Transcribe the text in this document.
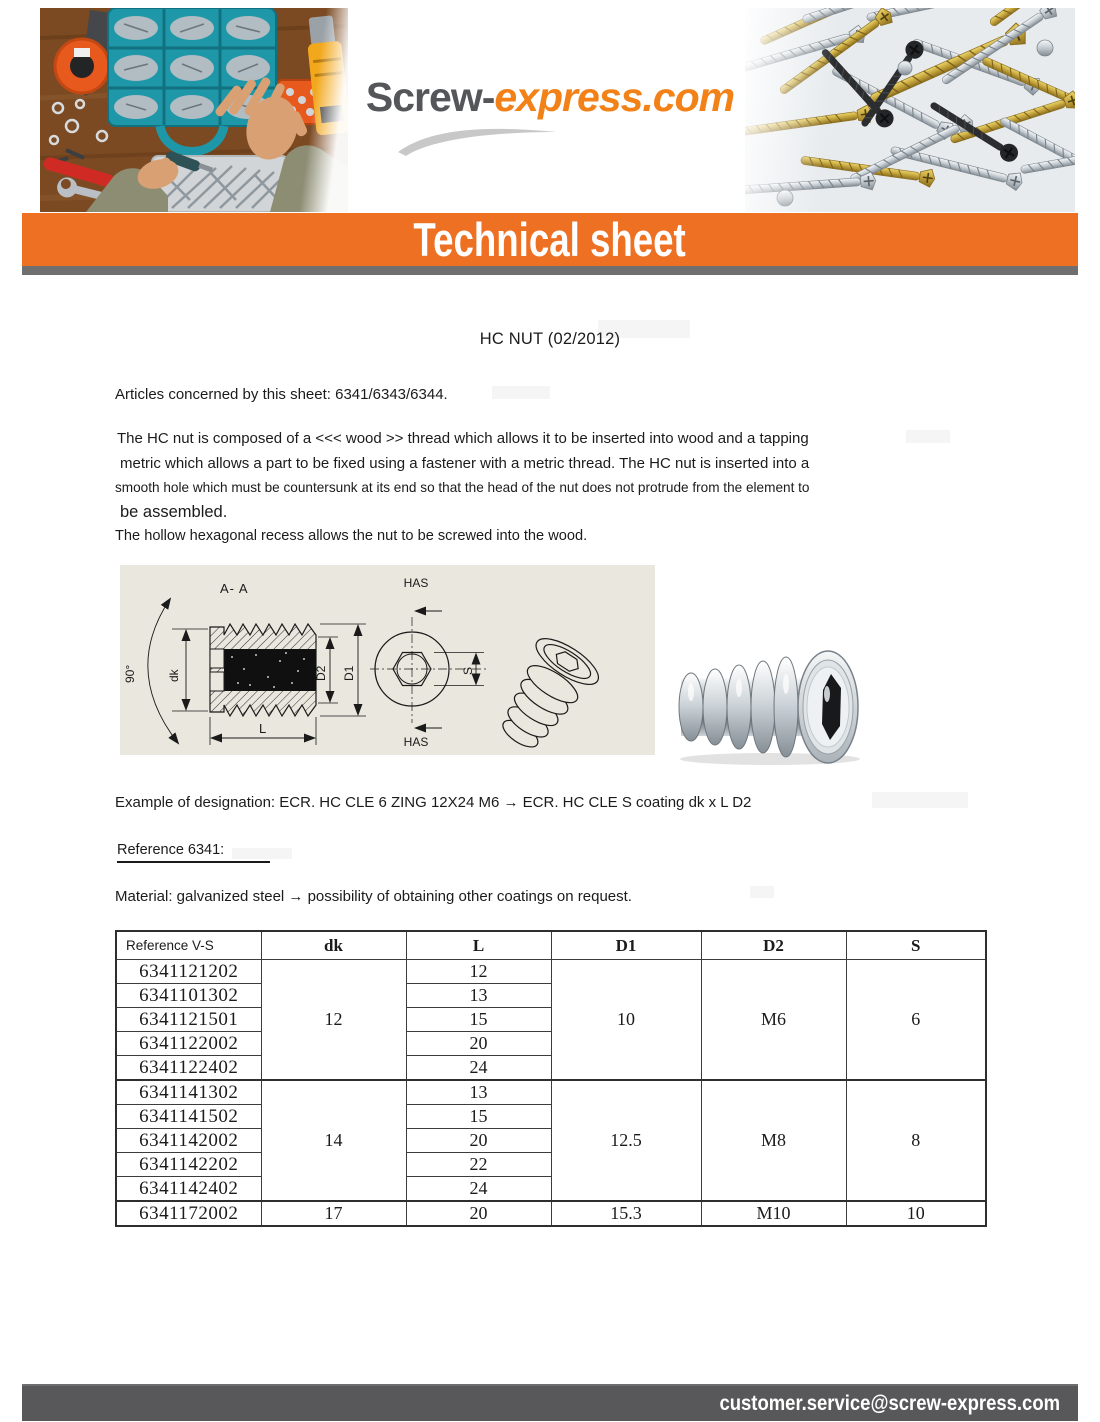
Screw-express.com
Technical sheet
HC NUT (02/2012)
Articles concerned by this sheet: 6341/6343/6344.
The HC nut is composed of a <<< wood >> thread which allows it to be inserted into wood and a tapping
metric which allows a part to be fixed using a fastener with a metric thread. The HC nut is inserted into a
smooth hole which must be countersunk at its end so that the head of the nut does not protrude from the element to
be assembled.
The hollow hexagonal recess allows the nut to be screwed into the wood.
A- A
90°	dk	D2 D1
L
HAS
HAS
S
Example of designation: ECR. HC CLE 6 ZING 12X24 M6 → ECR. HC CLE S coating dk x L D2
Reference 6341:
Material: galvanized steel → possibility of obtaining other coatings on request.
Reference V-S	dk	L	D1	D2	S
6341121202	12	12	10	M6	6
6341101302		13			
6341121501		15			
6341122002		20			
6341122402		24			
6341141302	14	13	12.5	M8	8
6341141502		15			
6341142002		20			
6341142202		22			
6341142402		24			
6341172002	17	20	15.3	M10	10
customer.service@screw-express.com
